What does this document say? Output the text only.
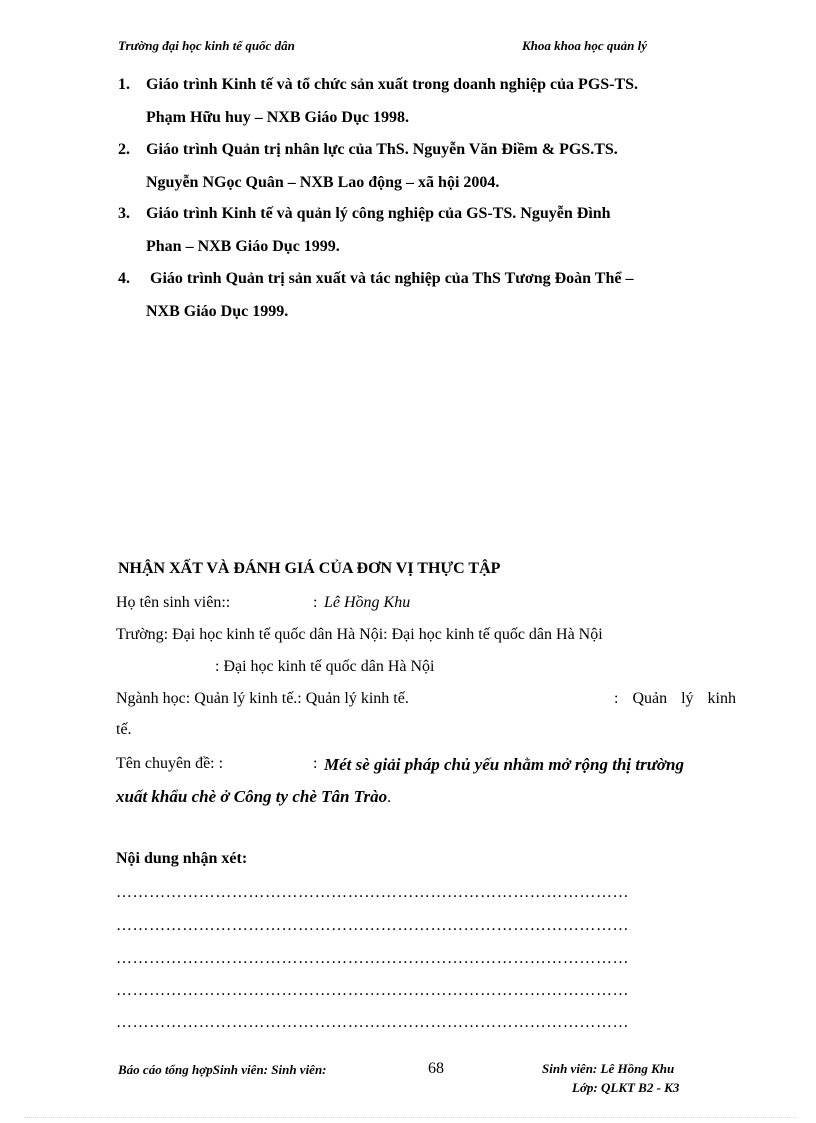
Trường đại học kinh tế quốc dân	Khoa khoa học quản lý
1. Giáo trình Kinh tế và tổ chức sản xuất trong doanh nghiệp của PGS-TS.
Phạm Hữu huy – NXB Giáo Dục 1998.
2. Giáo trình Quản trị nhân lực của ThS. Nguyễn Văn Điềm & PGS.TS.
Nguyễn NGọc Quân – NXB Lao động – xã hội 2004.
3. Giáo trình Kinh tế và quản lý công nghiệp của GS-TS. Nguyễn Đình
Phan – NXB Giáo Dục 1999.
4. Giáo trình Quản trị sản xuất và tác nghiệp của ThS Tương Đoàn Thể –
NXB Giáo Dục 1999.
NHẬN XẤT VÀ ĐÁNH GIÁ CỦA ĐƠN VỊ THỰC TẬP
Họ tên sinh viên::	: Lê Hồng Khu
Trường: Đại học kinh tế quốc dân Hà Nội: Đại học kinh tế quốc dân Hà Nội
: Đại học kinh tế quốc dân Hà Nội
Ngành học: Quản lý kinh tế.: Quản lý kinh tế.	: Quản lý kinh
tế.
Tên chuyên đề: :	: Mét sè giải pháp chủ yếu nhằm mở rộng thị trường
xuất khẩu chè ở Công ty chè Tân Trào.
Nội dung nhận xét:
…………………………………………………………………………………
…………………………………………………………………………………
…………………………………………………………………………………
…………………………………………………………………………………
…………………………………………………………………………………
Báo cáo tổng hợpSinh viên: Sinh viên:	68	Sinh viên: Lê Hồng Khu
Lớp: QLKT B2 - K3
